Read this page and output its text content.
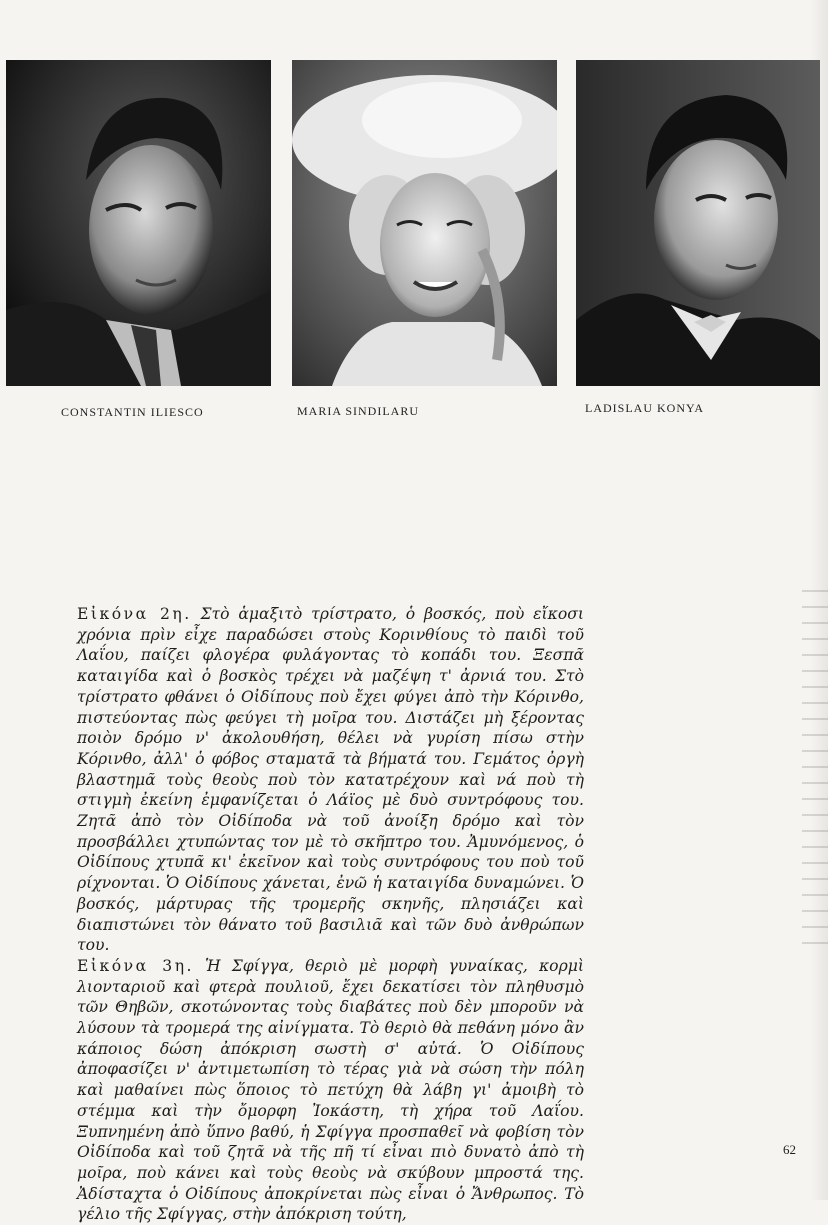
CONSTANTIN ILIESCO	MARIA SINDILARU	LADISLAU KONYA

Εἰκόνα 2η. Στὸ ἁμαξιτὸ τρίστρατο, ὁ βοσκός, ποὺ εἴκοσι χρόνια πρὶν εἶχε παραδώσει στοὺς Κορινθίους τὸ παιδὶ τοῦ Λαΐου, παίζει φλογέρα φυλάγοντας τὸ κοπάδι του. Ξεσπᾶ καταιγίδα καὶ ὁ βοσκὸς τρέχει νὰ μαζέψη τ' ἀρνιά του. Στὸ τρίστρατο φθάνει ὁ Οἰδίπους ποὺ ἔχει φύγει ἀπὸ τὴν Κόρινθο, πιστεύοντας πὼς φεύγει τὴ μοῖρα του. Διστάζει μὴ ξέροντας ποιὸν δρόμο ν' ἀκολουθήση, θέλει νὰ γυρίση πίσω στὴν Κόρινθο, ἀλλ' ὁ φόβος σταματᾶ τὰ βήματά του. Γεμάτος ὀργὴ βλαστημᾶ τοὺς θεοὺς ποὺ τὸν κατατρέχουν καὶ νά ποὺ τὴ στιγμὴ ἐκείνη ἐμφανίζεται ὁ Λάϊος μὲ δυὸ συντρόφους του. Ζητᾶ ἀπὸ τὸν Οἰδίποδα νὰ τοῦ ἀνοίξη δρόμο καὶ τὸν προσβάλλει χτυπώντας τον μὲ τὸ σκῆπτρο του. Ἀμυνόμενος, ὁ Οἰδίπους χτυπᾶ κι' ἐκεῖνον καὶ τοὺς συντρόφους του ποὺ τοῦ ρίχνονται. Ὁ Οἰδίπους χάνεται, ἐνῶ ἡ καταιγίδα δυναμώνει. Ὁ βοσκός, μάρτυρας τῆς τρομερῆς σκηνῆς, πλησιάζει καὶ διαπιστώνει τὸν θάνατο τοῦ βασιλιᾶ καὶ τῶν δυὸ ἀνθρώπων του.

Εἰκόνα 3η. Ἡ Σφίγγα, θεριὸ μὲ μορφὴ γυναίκας, κορμὶ λιονταριοῦ καὶ φτερὰ πουλιοῦ, ἔχει δεκατίσει τὸν πληθυσμὸ τῶν Θηβῶν, σκοτώνοντας τοὺς διαβάτες ποὺ δὲν μποροῦν νὰ λύσουν τὰ τρομερά της αἰνίγματα. Τὸ θεριὸ θὰ πεθάνη μόνο ἂν κάποιος δώση ἀπόκριση σωστὴ σ' αὐτά. Ὁ Οἰδίπους ἀποφασίζει ν' ἀντιμετωπίση τὸ τέρας γιὰ νὰ σώση τὴν πόλη καὶ μαθαίνει πὼς ὅποιος τὸ πετύχη θὰ λάβη γι' ἀμοιβὴ τὸ στέμμα καὶ τὴν ὄμορφη Ἰοκάστη, τὴ χήρα τοῦ Λαΐου. Ξυπνημένη ἀπὸ ὕπνο βαθύ, ἡ Σφίγγα προσπαθεῖ νὰ φοβίση τὸν Οἰδίποδα καὶ τοῦ ζητᾶ νὰ τῆς πῆ τί εἶναι πιὸ δυνατὸ ἀπὸ τὴ μοῖρα, ποὺ κάνει καὶ τοὺς θεοὺς νὰ σκύβουν μπροστά της. Ἀδίσταχτα ὁ Οἰδίπους ἀποκρίνεται πὼς εἶναι ὁ Ἄνθρωπος. Τὸ γέλιο τῆς Σφίγγας, στὴν ἀπόκριση τούτη,

62
